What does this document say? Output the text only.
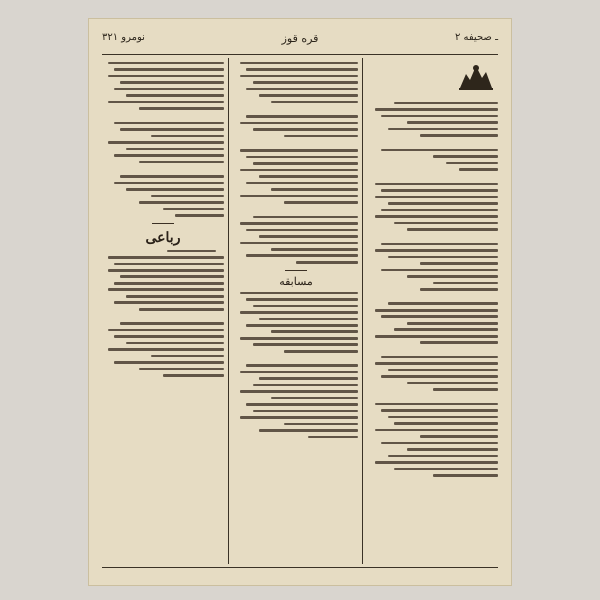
نومرو ۳۲۱	قره قوز	۲ ـ صحیفه
مسابقه
رباعی
